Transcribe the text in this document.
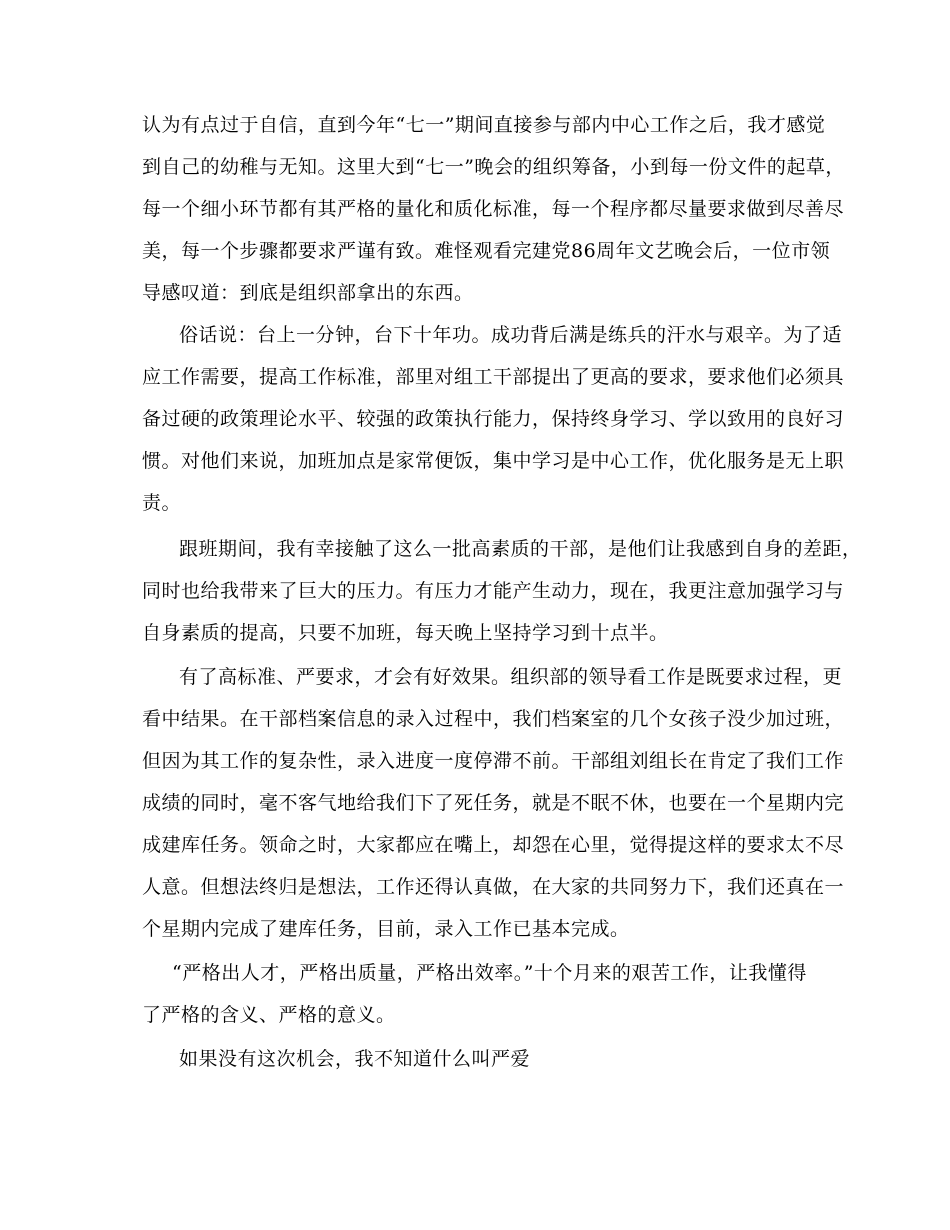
认为有点过于自信，直到今年“七一”期间直接参与部内中心工作之后，我才感觉
到自己的幼稚与无知。这里大到“七一”晚会的组织筹备，小到每一份文件的起草，
每一个细小环节都有其严格的量化和质化标准，每一个程序都尽量要求做到尽善尽
美，每一个步骤都要求严谨有致。难怪观看完建党86周年文艺晚会后，一位市领
导感叹道：到底是组织部拿出的东西。
俗话说：台上一分钟，台下十年功。成功背后满是练兵的汗水与艰辛。为了适
应工作需要，提高工作标准，部里对组工干部提出了更高的要求，要求他们必须具
备过硬的政策理论水平、较强的政策执行能力，保持终身学习、学以致用的良好习
惯。对他们来说，加班加点是家常便饭，集中学习是中心工作，优化服务是无上职
责。
跟班期间，我有幸接触了这么一批高素质的干部，是他们让我感到自身的差距，
同时也给我带来了巨大的压力。有压力才能产生动力，现在，我更注意加强学习与
自身素质的提高，只要不加班，每天晚上坚持学习到十点半。
有了高标准、严要求，才会有好效果。组织部的领导看工作是既要求过程，更
看中结果。在干部档案信息的录入过程中，我们档案室的几个女孩子没少加过班，
但因为其工作的复杂性，录入进度一度停滞不前。干部组刘组长在肯定了我们工作
成绩的同时，毫不客气地给我们下了死任务，就是不眠不休，也要在一个星期内完
成建库任务。领命之时，大家都应在嘴上，却怨在心里，觉得提这样的要求太不尽
人意。但想法终归是想法，工作还得认真做，在大家的共同努力下，我们还真在一
个星期内完成了建库任务，目前，录入工作已基本完成。
“严格出人才，严格出质量，严格出效率。”十个月来的艰苦工作，让我懂得
了严格的含义、严格的意义。
如果没有这次机会，我不知道什么叫严爱
